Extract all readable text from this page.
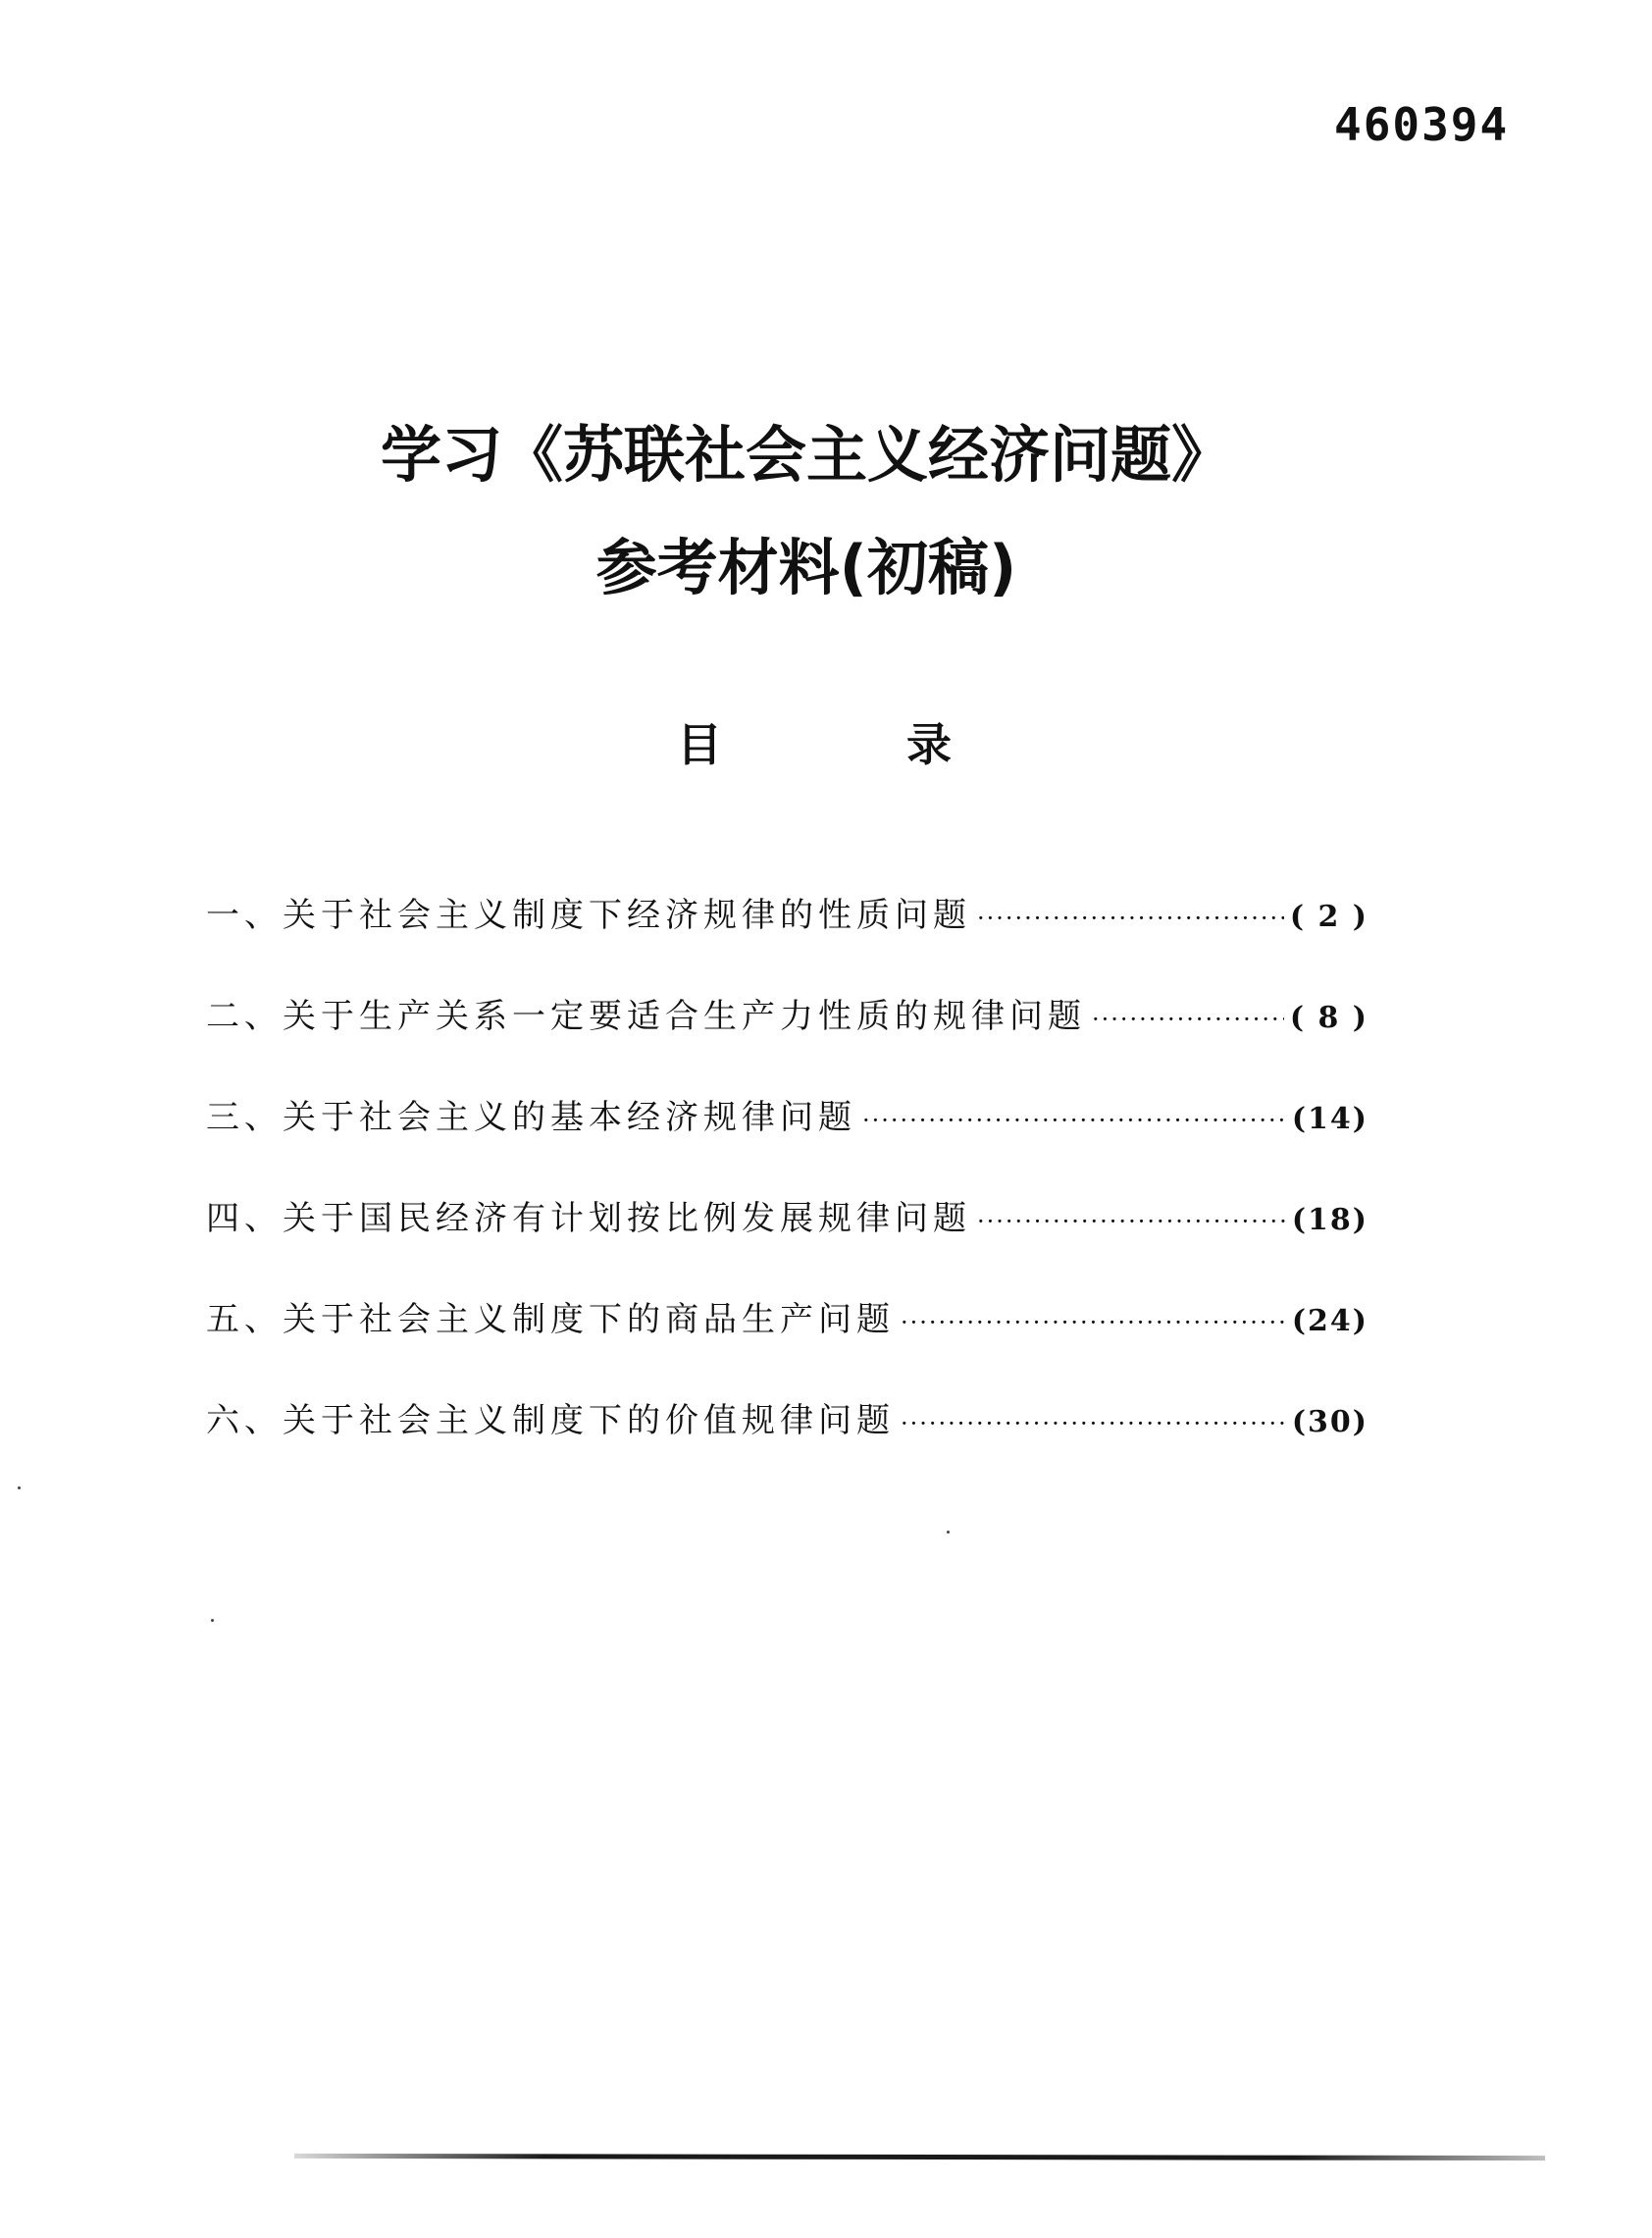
460394
学习《苏联社会主义经济问题》
参考材料(初稿)
目	录
一、关于社会主义制度下经济规律的性质问题 ·····	( 2 )
二、关于生产关系一定要适合生产力性质的规律问题 ·····	( 8 )
三、关于社会主义的基本经济规律问题 ·····	(14)
四、关于国民经济有计划按比例发展规律问题 ·····	(18)
五、关于社会主义制度下的商品生产问题 ·····	(24)
六、关于社会主义制度下的价值规律问题 ·····	(30)
